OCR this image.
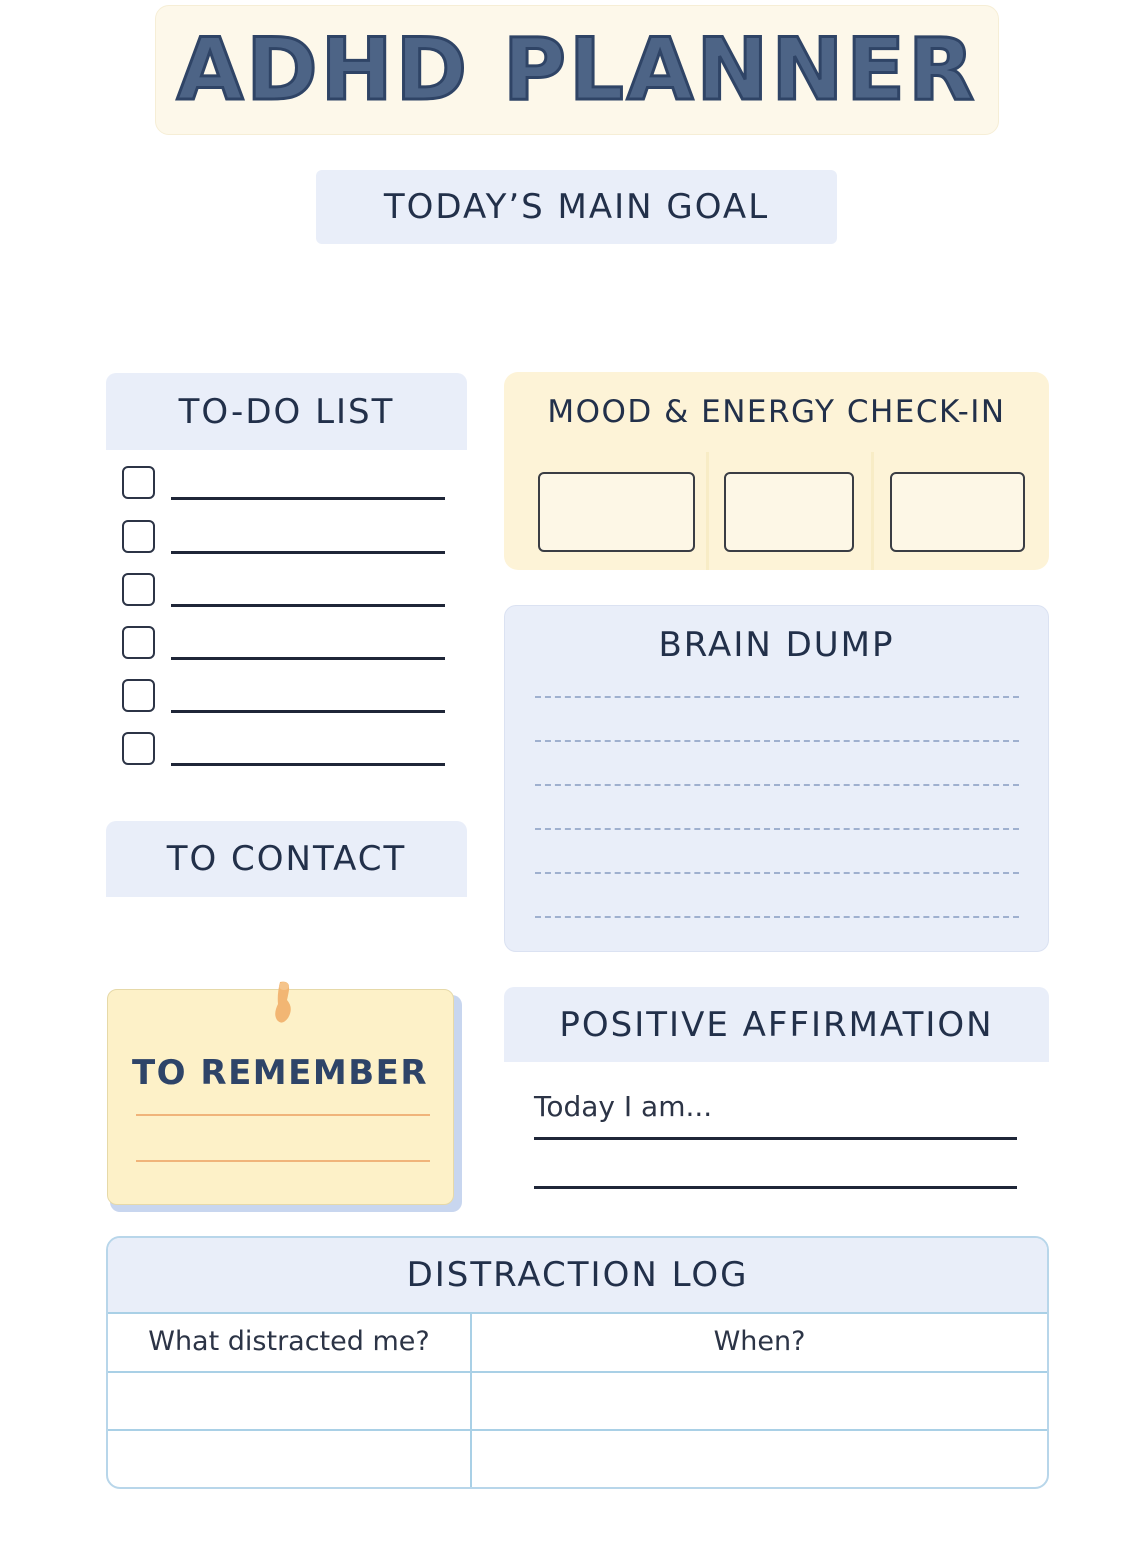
ADHD PLANNER
TODAY’S MAIN GOAL
TO-DO LIST
TO CONTACT
MOOD & ENERGY CHECK-IN
BRAIN DUMP
TO REMEMBER
POSITIVE AFFIRMATION
Today I am...
DISTRACTION LOG
What distracted me?	When?
